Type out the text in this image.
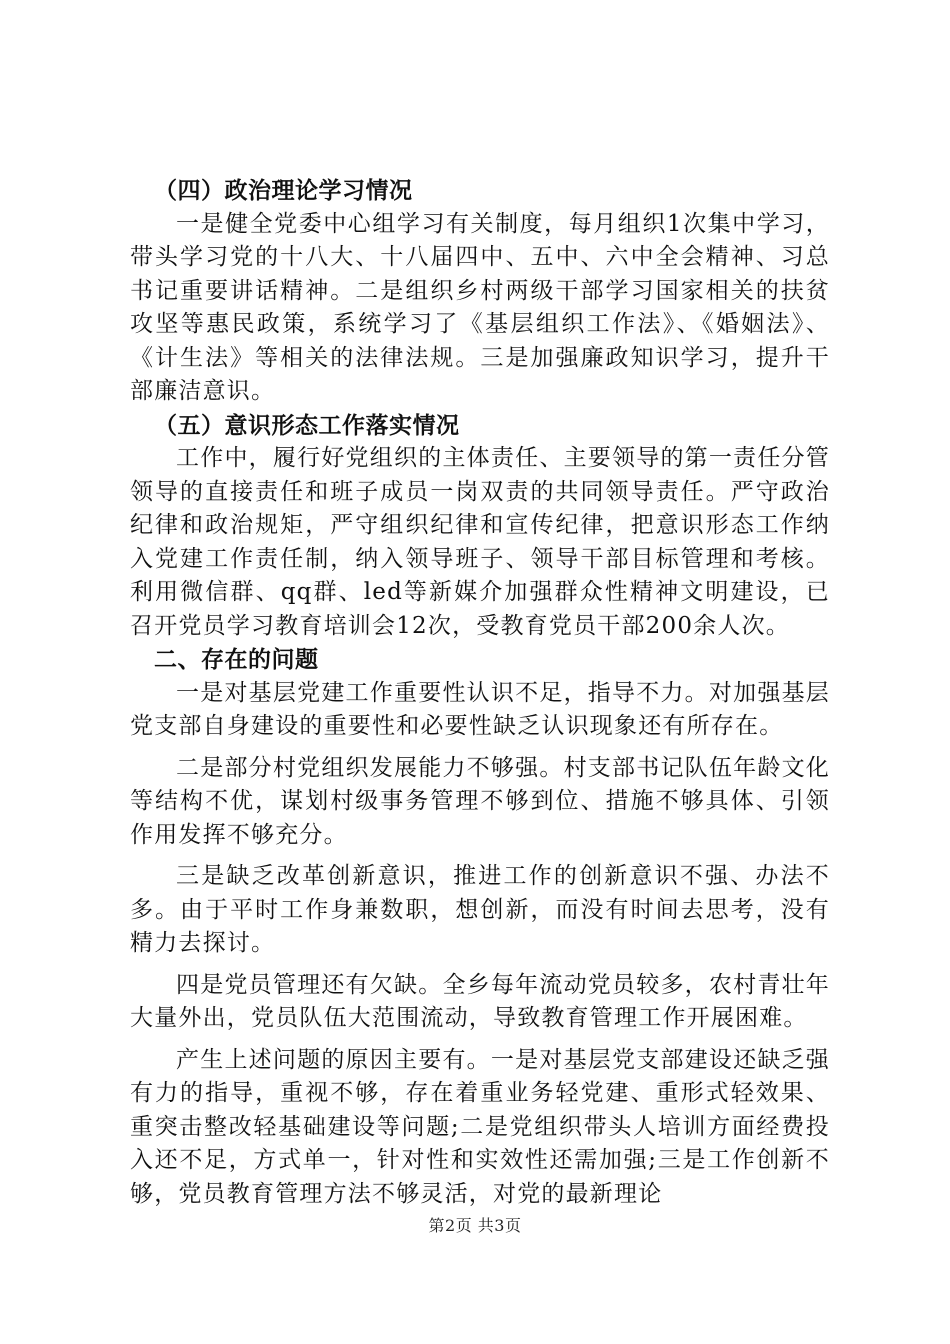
（四）政治理论学习情况

一是健全党委中心组学习有关制度，每月组织1次集中学习，带头学习党的十八大、十八届四中、五中、六中全会精神、习总书记重要讲话精神。二是组织乡村两级干部学习国家相关的扶贫攻坚等惠民政策，系统学习了《基层组织工作法》、《婚姻法》、《计生法》等相关的法律法规。三是加强廉政知识学习，提升干部廉洁意识。

（五）意识形态工作落实情况

工作中，履行好党组织的主体责任、主要领导的第一责任分管领导的直接责任和班子成员一岗双责的共同领导责任。严守政治纪律和政治规矩，严守组织纪律和宣传纪律，把意识形态工作纳入党建工作责任制，纳入领导班子、领导干部目标管理和考核。利用微信群、qq群、led等新媒介加强群众性精神文明建设，已召开党员学习教育培训会12次，受教育党员干部200余人次。

二、存在的问题

一是对基层党建工作重要性认识不足，指导不力。对加强基层党支部自身建设的重要性和必要性缺乏认识现象还有所存在。

二是部分村党组织发展能力不够强。村支部书记队伍年龄文化等结构不优，谋划村级事务管理不够到位、措施不够具体、引领作用发挥不够充分。

三是缺乏改革创新意识，推进工作的创新意识不强、办法不多。由于平时工作身兼数职，想创新，而没有时间去思考，没有精力去探讨。

四是党员管理还有欠缺。全乡每年流动党员较多，农村青壮年大量外出，党员队伍大范围流动，导致教育管理工作开展困难。

产生上述问题的原因主要有。一是对基层党支部建设还缺乏强有力的指导，重视不够，存在着重业务轻党建、重形式轻效果、重突击整改轻基础建设等问题;二是党组织带头人培训方面经费投入还不足，方式单一，针对性和实效性还需加强;三是工作创新不够，党员教育管理方法不够灵活，对党的最新理论

第2页 共3页
